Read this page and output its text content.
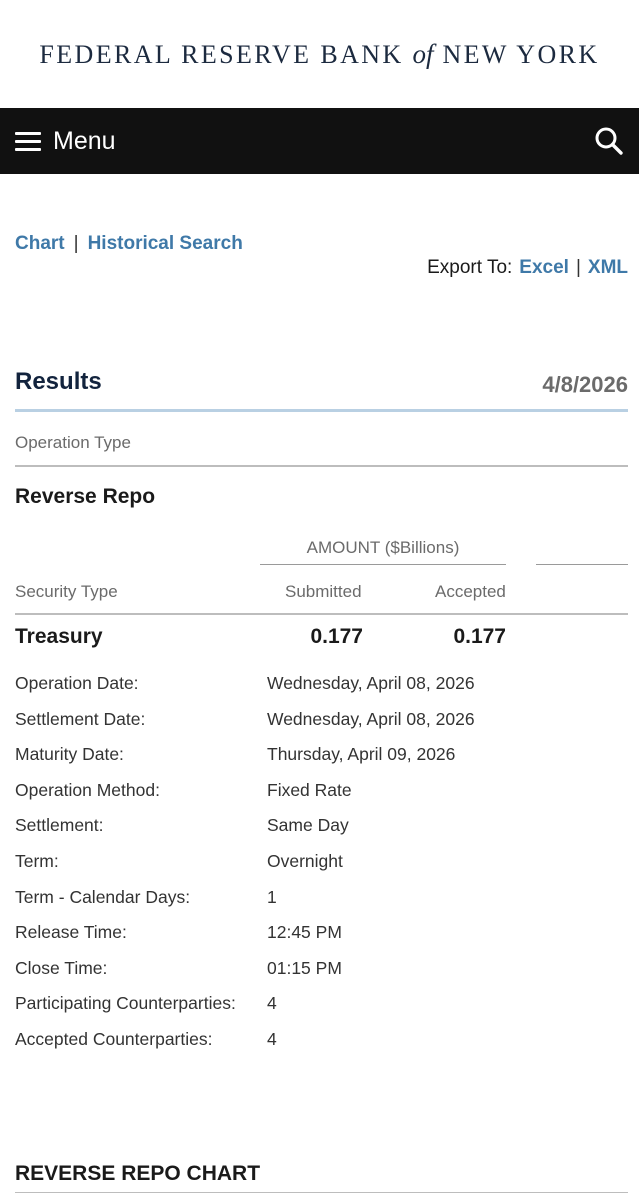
FEDERAL RESERVE BANK of NEW YORK
Menu
Chart | Historical Search
Export To: Excel | XML
Results	4/8/2026
Operation Type
Reverse Repo
AMOUNT ($Billions)
Security Type	Submitted	Accepted
Treasury	0.177	0.177
Operation Date:	Wednesday, April 08, 2026
Settlement Date:	Wednesday, April 08, 2026
Maturity Date:	Thursday, April 09, 2026
Operation Method:	Fixed Rate
Settlement:	Same Day
Term:	Overnight
Term - Calendar Days:	1
Release Time:	12:45 PM
Close Time:	01:15 PM
Participating Counterparties: 4
Accepted Counterparties:	4
REVERSE REPO CHART
